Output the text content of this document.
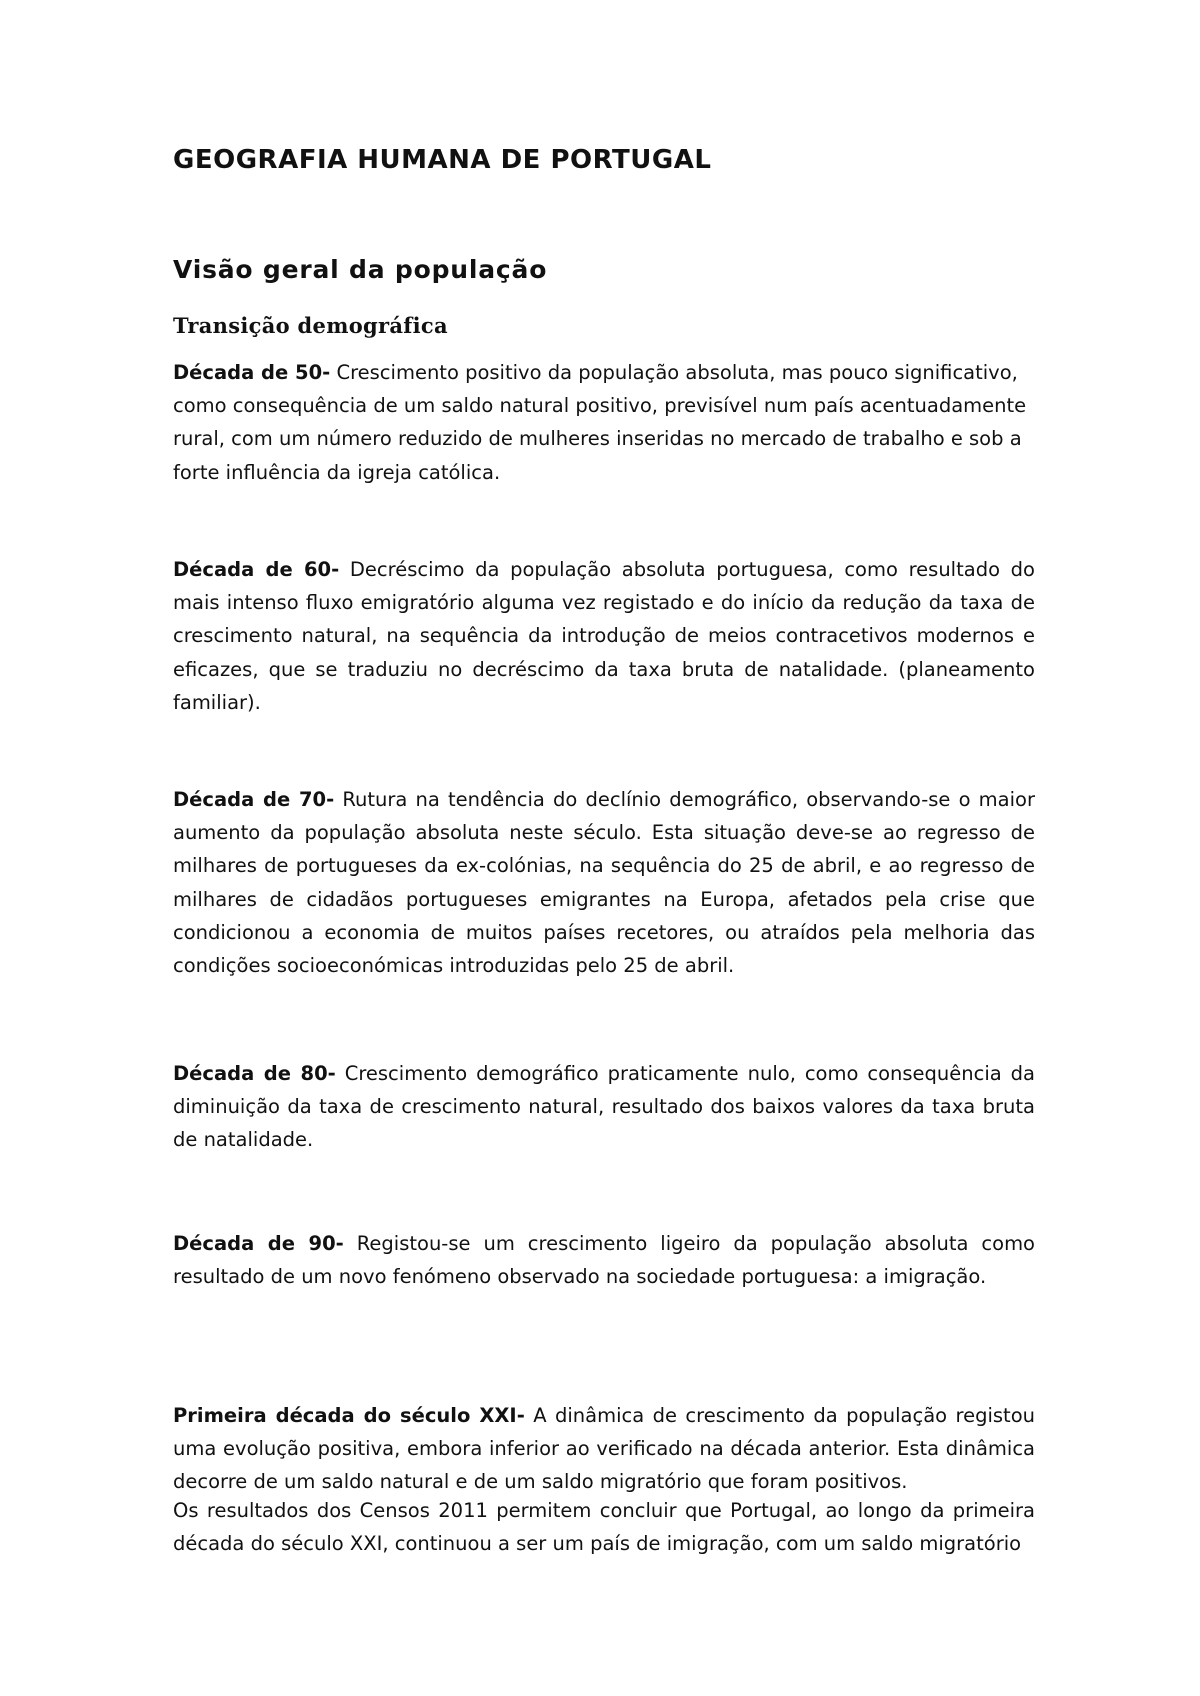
GEOGRAFIA HUMANA DE PORTUGAL
Visão geral da população
Transição demográfica

Década de 50- Crescimento positivo da população absoluta, mas pouco significativo, como consequência de um saldo natural positivo, previsível num país acentuadamente rural, com um número reduzido de mulheres inseridas no mercado de trabalho e sob a forte influência da igreja católica.

Década de 60- Decréscimo da população absoluta portuguesa, como resultado do mais intenso fluxo emigratório alguma vez registado e do início da redução da taxa de crescimento natural, na sequência da introdução de meios contracetivos modernos e eficazes, que se traduziu no decréscimo da taxa bruta de natalidade. (planeamento familiar).

Década de 70- Rutura na tendência do declínio demográfico, observando-se o maior aumento da população absoluta neste século. Esta situação deve-se ao regresso de milhares de portugueses da ex-colónias, na sequência do 25 de abril, e ao regresso de milhares de cidadãos portugueses emigrantes na Europa, afetados pela crise que condicionou a economia de muitos países recetores, ou atraídos pela melhoria das condições socioeconómicas introduzidas pelo 25 de abril.

Década de 80- Crescimento demográfico praticamente nulo, como consequência da diminuição da taxa de crescimento natural, resultado dos baixos valores da taxa bruta de natalidade.

Década de 90- Registou-se um crescimento ligeiro da população absoluta como resultado de um novo fenómeno observado na sociedade portuguesa: a imigração.

Primeira década do século XXI- A dinâmica de crescimento da população registou uma evolução positiva, embora inferior ao verificado na década anterior. Esta dinâmica decorre de um saldo natural e de um saldo migratório que foram positivos.

Os resultados dos Censos 2011 permitem concluir que Portugal, ao longo da primeira década do século XXI, continuou a ser um país de imigração, com um saldo migratório
